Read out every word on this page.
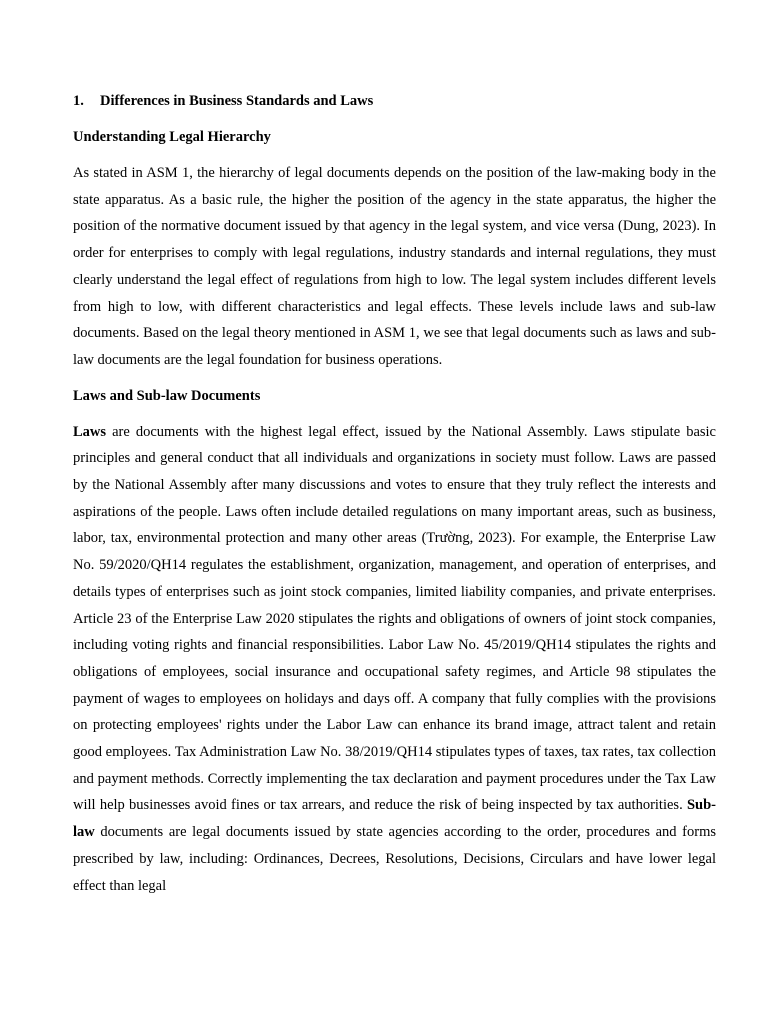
1. Differences in Business Standards and Laws
Understanding Legal Hierarchy

As stated in ASM 1, the hierarchy of legal documents depends on the position of the law-making body in the state apparatus. As a basic rule, the higher the position of the agency in the state apparatus, the higher the position of the normative document issued by that agency in the legal system, and vice versa (Dung, 2023). In order for enterprises to comply with legal regulations, industry standards and internal regulations, they must clearly understand the legal effect of regulations from high to low. The legal system includes different levels from high to low, with different characteristics and legal effects. These levels include laws and sub-law documents. Based on the legal theory mentioned in ASM 1, we see that legal documents such as laws and sub-law documents are the legal foundation for business operations.

Laws and Sub-law Documents

Laws are documents with the highest legal effect, issued by the National Assembly. Laws stipulate basic principles and general conduct that all individuals and organizations in society must follow. Laws are passed by the National Assembly after many discussions and votes to ensure that they truly reflect the interests and aspirations of the people. Laws often include detailed regulations on many important areas, such as business, labor, tax, environmental protection and many other areas (Trường, 2023). For example, the Enterprise Law No. 59/2020/QH14 regulates the establishment, organization, management, and operation of enterprises, and details types of enterprises such as joint stock companies, limited liability companies, and private enterprises. Article 23 of the Enterprise Law 2020 stipulates the rights and obligations of owners of joint stock companies, including voting rights and financial responsibilities. Labor Law No. 45/2019/QH14 stipulates the rights and obligations of employees, social insurance and occupational safety regimes, and Article 98 stipulates the payment of wages to employees on holidays and days off. A company that fully complies with the provisions on protecting employees' rights under the Labor Law can enhance its brand image, attract talent and retain good employees. Tax Administration Law No. 38/2019/QH14 stipulates types of taxes, tax rates, tax collection and payment methods. Correctly implementing the tax declaration and payment procedures under the Tax Law will help businesses avoid fines or tax arrears, and reduce the risk of being inspected by tax authorities. Sub-law documents are legal documents issued by state agencies according to the order, procedures and forms prescribed by law, including: Ordinances, Decrees, Resolutions, Decisions, Circulars and have lower legal effect than legal
